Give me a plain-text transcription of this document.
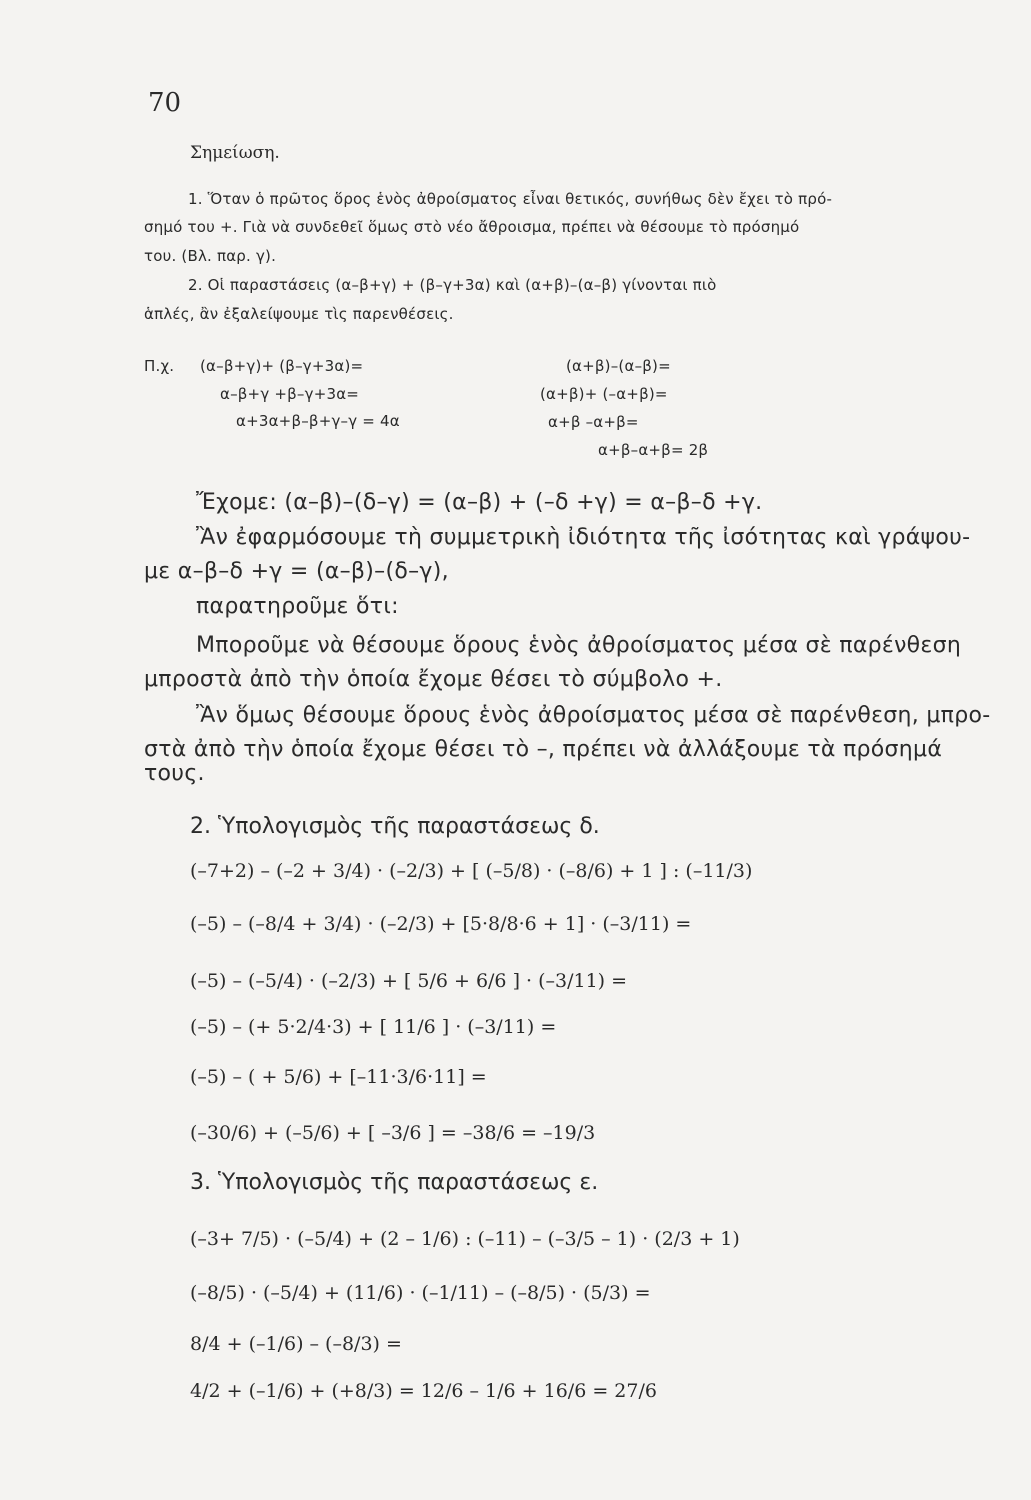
70
Σημείωση.
1. Ὅταν ὁ πρῶτος ὅρος ἑνὸς ἀθροίσματος εἶναι θετικός, συνήθως δὲν ἔχει τὸ πρό-
σημό του +. Γιὰ νὰ συνδεθεῖ ὅμως στὸ νέο ἄθροισμα, πρέπει νὰ θέσουμε τὸ πρόσημό
του. (Βλ. παρ. γ).
2. Οἱ παραστάσεις (α–β+γ) + (β–γ+3α) καὶ (α+β)–(α–β) γίνονται πιὸ
ἁπλές, ἂν ἐξαλείψουμε τὶς παρενθέσεις.
Π.χ. (α–β+γ)+ (β–γ+3α)=
α–β+γ +β–γ+3α=
α+3α+β–β+γ–γ = 4α
(α+β)–(α–β)=
(α+β)+ (–α+β)=
α+β –α+β=
α+β–α+β= 2β
Ἔχομε: (α–β)–(δ–γ) = (α–β) + (–δ +γ) = α–β–δ +γ.
Ἂν ἐφαρμόσουμε τὴ συμμετρικὴ ἰδιότητα τῆς ἰσότητας καὶ γράψου-
με α–β–δ +γ = (α–β)–(δ–γ),
παρατηροῦμε ὅτι:
Μποροῦμε νὰ θέσουμε ὅρους ἑνὸς ἀθροίσματος μέσα σὲ παρένθεση
μπροστὰ ἀπὸ τὴν ὁποία ἔχομε θέσει τὸ σύμβολο +.
Ἂν ὅμως θέσουμε ὅρους ἑνὸς ἀθροίσματος μέσα σὲ παρένθεση, μπρο-
στὰ ἀπὸ τὴν ὁποία ἔχομε θέσει τὸ –, πρέπει νὰ ἀλλάξουμε τὰ πρόσημά
τους.
2. Ὑπολογισμὸς τῆς παραστάσεως δ.
(–7+2) – (–2 + 3/4) · (–2/3) + [ (–5/8) · (–8/6) + 1 ] : (–11/3)
(–5) – (–8/4 + 3/4) · (–2/3) + [5·8/8·6 + 1] · (–3/11) =
(–5) – (–5/4) · (–2/3) + [ 5/6 + 6/6 ] · (–3/11) =
(–5) – (+ 5·2/4·3) + [ 11/6 ] · (–3/11) =
(–5) – ( + 5/6) + [–11·3/6·11] =
(–30/6) + (–5/6) + [ –3/6 ] = –38/6 = –19/3
3. Ὑπολογισμὸς τῆς παραστάσεως ε.
(–3+ 7/5) · (–5/4) + (2 – 1/6) : (–11) – (–3/5 – 1) · (2/3 + 1)
(–8/5) · (–5/4) + (11/6) · (–1/11) – (–8/5) · (5/3) =
8/4 + (–1/6) – (–8/3) =
4/2 + (–1/6) + (+8/3) = 12/6 – 1/6 + 16/6 = 27/6
